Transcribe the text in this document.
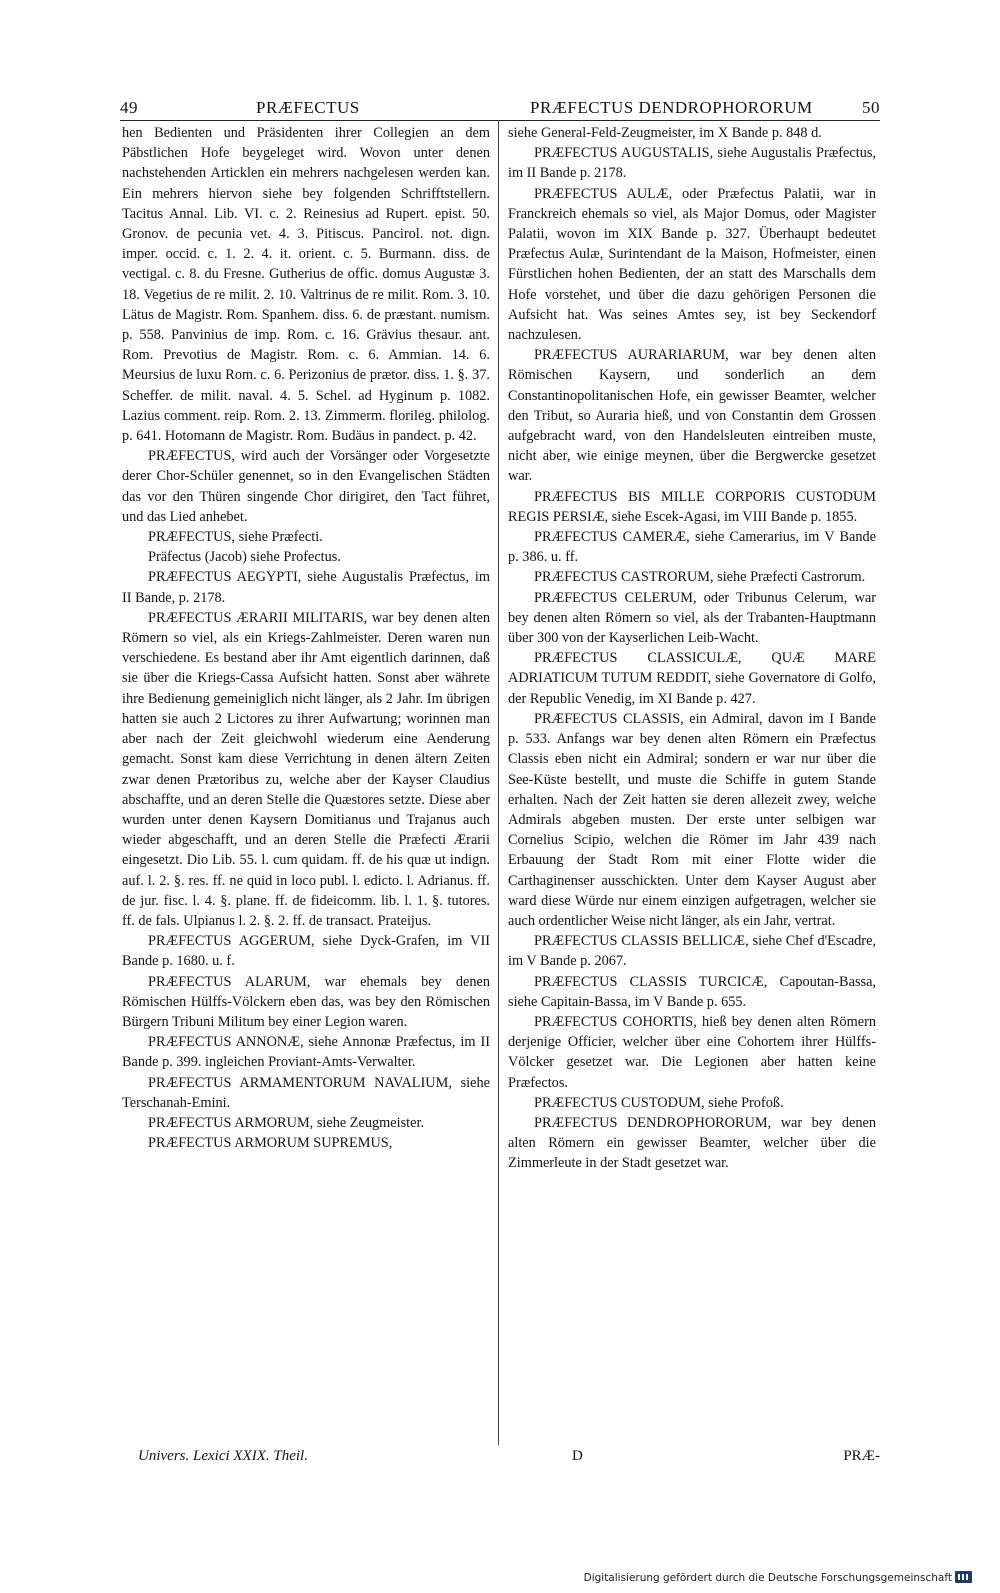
49	PRÆFECTUS	PRÆFECTUS DENDROPHORORUM	50

hen Bedienten und Präsidenten ihrer Collegien an dem Päbstlichen Hofe beygeleget wird. Wovon unter denen nachstehenden Articklen ein mehrers nachgelesen werden kan. Ein mehrers hiervon siehe bey folgenden Schrifftstellern. Tacitus Annal. Lib. VI. c. 2. Reinesius ad Rupert. epist. 50. Gronov. de pecunia vet. 4. 3. Pitiscus. Pancirol. not. dign. imper. occid. c. 1. 2. 4. it. orient. c. 5. Burmann. diss. de vectigal. c. 8. du Fresne. Gutherius de offic. domus Augustæ 3. 18. Vegetius de re milit. 2. 10. Valtrinus de re milit. Rom. 3. 10. Lätus de Magistr. Rom. Spanhem. diss. 6. de præstant. numism. p. 558. Panvinius de imp. Rom. c. 16. Grävius thesaur. ant. Rom. Prevotius de Magistr. Rom. c. 6. Ammian. 14. 6. Meursius de luxu Rom. c. 6. Perizonius de prætor. diss. 1. §. 37. Scheffer. de milit. naval. 4. 5. Schel. ad Hyginum p. 1082. Lazius comment. reip. Rom. 2. 13. Zimmerm. florileg. philolog. p. 641. Hotomann de Magistr. Rom. Budäus in pandect. p. 42.

PRÆFECTUS, wird auch der Vorsänger oder Vorgesetzte derer Chor-Schüler genennet, so in den Evangelischen Städten das vor den Thüren singende Chor dirigiret, den Tact führet, und das Lied anhebet.

PRÆFECTUS, siehe Præfecti.

Präfectus (Jacob) siehe Profectus.

PRÆFECTUS AEGYPTI, siehe Augustalis Præfectus, im II Bande, p. 2178.

PRÆFECTUS ÆRARII MILITARIS, war bey denen alten Römern so viel, als ein Kriegs-Zahlmeister. Deren waren nun verschiedene. Es bestand aber ihr Amt eigentlich darinnen, daß sie über die Kriegs-Cassa Aufsicht hatten. Sonst aber währete ihre Bedienung gemeiniglich nicht länger, als 2 Jahr. Im übrigen hatten sie auch 2 Lictores zu ihrer Aufwartung; worinnen man aber nach der Zeit gleichwohl wiederum eine Aenderung gemacht. Sonst kam diese Verrichtung in denen ältern Zeiten zwar denen Prætoribus zu, welche aber der Kayser Claudius abschaffte, und an deren Stelle die Quæstores setzte. Diese aber wurden unter denen Kaysern Domitianus und Trajanus auch wieder abgeschafft, und an deren Stelle die Præfecti Ærarii eingesetzt. Dio Lib. 55. l. cum quidam. ff. de his quæ ut indign. auf. l. 2. §. res. ff. ne quid in loco publ. l. edicto. l. Adrianus. ff. de jur. fisc. l. 4. §. plane. ff. de fideicomm. lib. l. 1. §. tutores. ff. de fals. Ulpianus l. 2. §. 2. ff. de transact. Prateijus.

PRÆFECTUS AGGERUM, siehe Dyck-Grafen, im VII Bande p. 1680. u. f.

PRÆFECTUS ALARUM, war ehemals bey denen Römischen Hülffs-Völckern eben das, was bey den Römischen Bürgern Tribuni Militum bey einer Legion waren.

PRÆFECTUS ANNONÆ, siehe Annonæ Præfectus, im II Bande p. 399. ingleichen Proviant-Amts-Verwalter.

PRÆFECTUS ARMAMENTORUM NAVALIUM, siehe Terschanah-Emini.

PRÆFECTUS ARMORUM, siehe Zeugmeister.

PRÆFECTUS ARMORUM SUPREMUS,

siehe General-Feld-Zeugmeister, im X Bande p. 848 d.

PRÆFECTUS AUGUSTALIS, siehe Augustalis Præfectus, im II Bande p. 2178.

PRÆFECTUS AULÆ, oder Præfectus Palatii, war in Franckreich ehemals so viel, als Major Domus, oder Magister Palatii, wovon im XIX Bande p. 327. Überhaupt bedeutet Præfectus Aulæ, Surintendant de la Maison, Hofmeister, einen Fürstlichen hohen Bedienten, der an statt des Marschalls dem Hofe vorstehet, und über die dazu gehörigen Personen die Aufsicht hat. Was seines Amtes sey, ist bey Seckendorf nachzulesen.

PRÆFECTUS AURARIARUM, war bey denen alten Römischen Kaysern, und sonderlich an dem Constantinopolitanischen Hofe, ein gewisser Beamter, welcher den Tribut, so Auraria hieß, und von Constantin dem Grossen aufgebracht ward, von den Handelsleuten eintreiben muste, nicht aber, wie einige meynen, über die Bergwercke gesetzet war.

PRÆFECTUS BIS MILLE CORPORIS CUSTODUM REGIS PERSIÆ, siehe Escek-Agasi, im VIII Bande p. 1855.

PRÆFECTUS CAMERÆ, siehe Camerarius, im V Bande p. 386. u. ff.

PRÆFECTUS CASTRORUM, siehe Præfecti Castrorum.

PRÆFECTUS CELERUM, oder Tribunus Celerum, war bey denen alten Römern so viel, als der Trabanten-Hauptmann über 300 von der Kayserlichen Leib-Wacht.

PRÆFECTUS CLASSICULÆ, QUÆ MARE ADRIATICUM TUTUM REDDIT, siehe Governatore di Golfo, der Republic Venedig, im XI Bande p. 427.

PRÆFECTUS CLASSIS, ein Admiral, davon im I Bande p. 533. Anfangs war bey denen alten Römern ein Præfectus Classis eben nicht ein Admiral; sondern er war nur über die See-Küste bestellt, und muste die Schiffe in gutem Stande erhalten. Nach der Zeit hatten sie deren allezeit zwey, welche Admirals abgeben musten. Der erste unter selbigen war Cornelius Scipio, welchen die Römer im Jahr 439 nach Erbauung der Stadt Rom mit einer Flotte wider die Carthaginenser ausschickten. Unter dem Kayser August aber ward diese Würde nur einem einzigen aufgetragen, welcher sie auch ordentlicher Weise nicht länger, als ein Jahr, vertrat.

PRÆFECTUS CLASSIS BELLICÆ, siehe Chef d'Escadre, im V Bande p. 2067.

PRÆFECTUS CLASSIS TURCICÆ, Capoutan-Bassa, siehe Capitain-Bassa, im V Bande p. 655.

PRÆFECTUS COHORTIS, hieß bey denen alten Römern derjenige Officier, welcher über eine Cohortem ihrer Hülffs-Völcker gesetzet war. Die Legionen aber hatten keine Præfectos.

PRÆFECTUS CUSTODUM, siehe Profoß.

PRÆFECTUS DENDROPHORORUM, war bey denen alten Römern ein gewisser Beamter, welcher über die Zimmerleute in der Stadt gesetzet war.

Univers. Lexici XXIX. Theil.	D	PRÆ-
Digitalisierung gefördert durch die Deutsche Forschungsgemeinschaft
